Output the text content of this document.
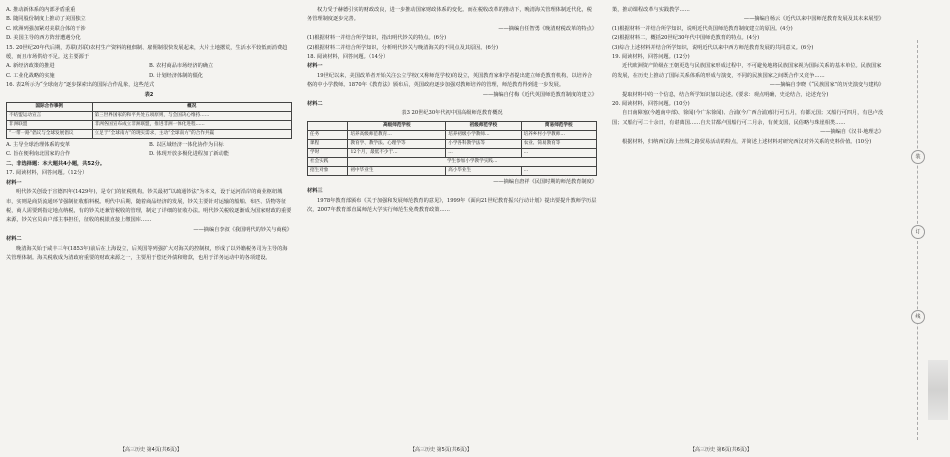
A. 推动新体系的内部矛盾重重

B. 随同股份制度上推动了美国独立

C. 欧洲列强加紧对美联合体的干涉

D. 美国主导的西方阵营遭遇分化

15. 20世纪20年代后期，苏联(苏联)农村生产资料的租佃制、雇佣制很快发展起来，大片土地撂荒，生活水平较低而消费趋缓，而且市场供给不足。这主要源于

A. 新经济政策的推进	B. 农村商品市场经济的确立
C. 工业化战略的实施	D. 计划经济体制的僵化

16. 表2所示为“全球南方”逐步探索出的国际合作乱象，这些范式

表2

国际合作事例	概况
不结盟运动宣言	第三世界国家的和平共处五项原则，与会国决心维持……
非洲联盟	非洲各国宣布成立非洲联盟，推进非洲一体化进程……
“一带一路”倡议与全球发展倡议	立足于“全球南方”的现实需求，主动“全球南方”的合作共赢
A. 主导全球治理体系的变革	B. 以区域经济一体化协作为目标
C. 旨在便利南北国家的合作	D. 体现开放多极化进程加了新动能

二、非选择题：本大题共4小题，共52分。

17. 阅读材料，回答问题。（12分）

材料一

明代钞关创设于宣德四年(1429年)，是专门的征税机构。钞关最初“以疏通钞法”为本义，设于运河沿岸的商业枢纽城市，实则是商货流通环节强制征收船料税。明代中后期，随着商品经济的发展，钞关主要针对运输的船舶、布匹、货物等征税，商人需要到指定地点纳税，有的钞关还兼管税收的管理，制定了详细的征收办法。明代钞关税收逐渐成为国家财政的重要来源，钞关官员由户部主事担任，征收的税银直接上缴国库……

——摘编自李叔《我国明代的钞关与商税》

材料二

晚清海关始于咸丰三年(1853年)前后在上海设立，后英国等列强扩大对海关的控制权，形成了以外籍税务司为主导的海关管理体制。海关税收成为清政府重要的财政来源之一，主要用于偿还外债和赔款，也用于洋务运动中的各项建设。

【高三历史 第4页(共6页)】

权力受于赫德引实的财政改良，进一步推动国家财政体系的变化。而在税收改革的推动下，晚清海关管理体制近代化，税务管理制度逐步完善。

——摘编自任智勇《晚清财税改革的特点》

(1)根据材料一并结合所学知识，指出明代钞关的特点。(6分)

(2)根据材料二并结合所学知识，分析明代钞关与晚清海关的不同点及其原因。(6分)

18. 阅读材料，回答问题。（14分）

材料一

19世纪以来，美国改革者开始关注公立学校(又称师范学校)的设立，英国教育家和学者提出建立师范教育机构，以培养合格的中小学教师。1870年《教育法》颁布后，英国政府逐步加强对教师培养的管理，师范教育得到进一步发展。

——摘编自付梅《近代英国师范教育制度的建立》

材料二

表3 20世纪30年代初中国高级师范教育概况

	高级师范学校	初级师范学校	简易师范学校
任务	培养高级师范教育…	培养初级小学教师…	培养乡村小学教师…
课程	教育学、教学法、心理学等	小学各科教学法等	农业、简易教育等
学时	12个月，最低不少于…	…	…
社会实践	学生参加小学教学实践…		
招生对象	初中毕业生	高小毕业生	…

——摘编自唐祥《民国时期的师范教育制度》

材料三

1978年教育部颁布《关于加强和发展师范教育的意见》，1999年《面向21世纪教育振兴行动计划》提出要提升教师学历层次，2007年教育部直属师范大学实行师范生免费教育政策……

【高三历史 第5页(共6页)】

策，推动课程改革与实践教学……

——摘编自杨云《近代以来中国师范教育发展及其未来展望》

(1)根据材料一并结合所学知识，说明近代英国师范教育制度建立的原因。(4分)

(2)根据材料二，概括20世纪30年代中国师范教育的特点。(4分)

(3)综合上述材料并结合所学知识，说明近代以来中西方师范教育发展的共同意义。(6分)

19. 阅读材料，回答问题。(12分)

近代欧洲资产阶级在王朝更迭与民族国家形成过程中，不可避免地将民族国家视为国际关系的基本单位。民族国家的发展，在历史上推动了国际关系体系的形成与演变，不同的民族国家之间既合作又竞争……

——摘编自李晓《“民族国家”的历史演变与建构》

提取材料中的一个信息，结合所学知识加以论述。(要求：观点明确，史论结合，论述充分)

20. 阅读材料，回答问题。(10分)

自日南障塞(今越南中部)、徐闻(今广东徐闻)、合浦(今广西合浦)船行可五月，有都元国；又船行可四月，有邑卢没国；又船行可二十余日，有谌离国……自夫甘都卢国船行可二月余，有黄支国，民俗略与珠崖相类……

——摘编自《汉书·地理志》

根据材料，归纳西汉海上丝绸之路贸易活动的特点，并简述上述材料对研究西汉对外关系的史料价值。(10分)

【高三历史 第6页(共6页)】
装
订
线
